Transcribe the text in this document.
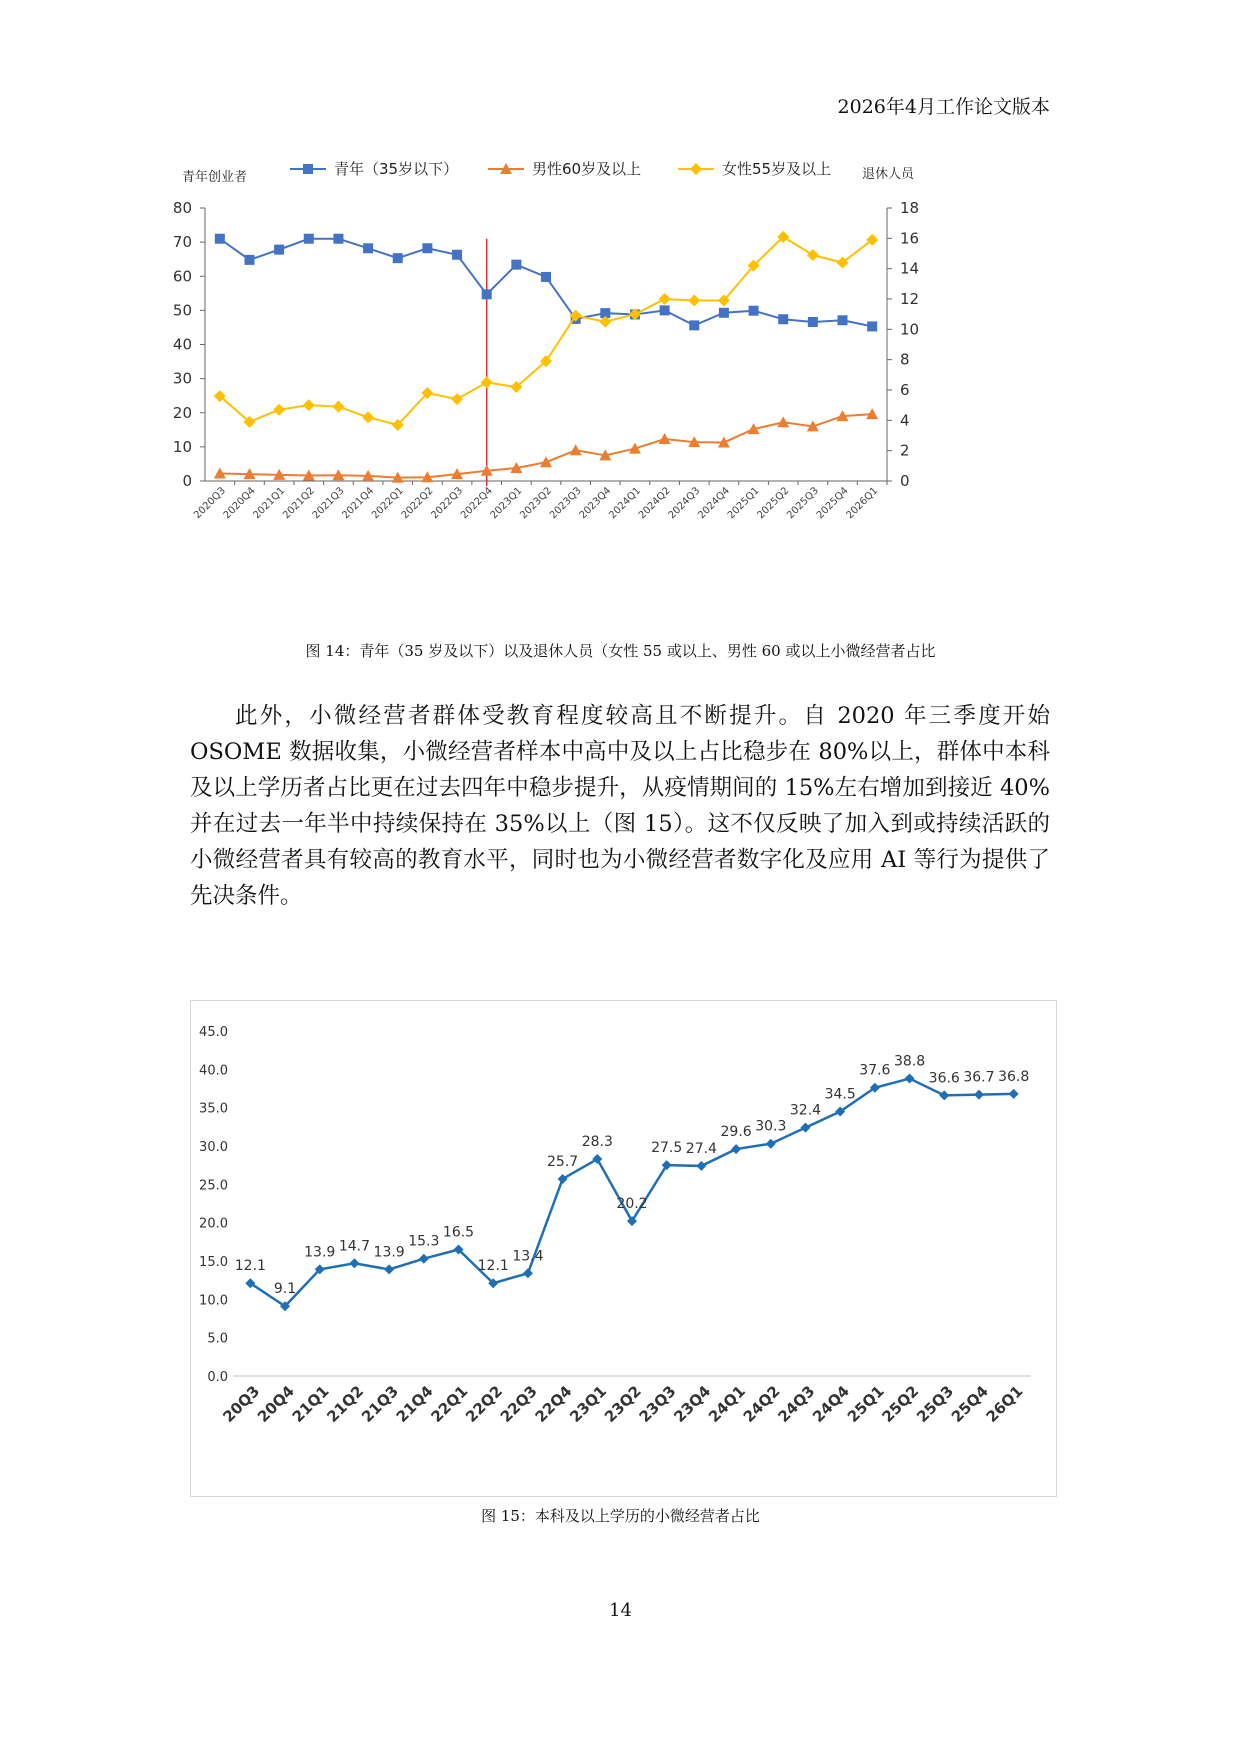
2026年4月工作论文版本
青年创业者	退休人员
0
10
20
30
40
50
60
70
80
0
2
4
6
8
10
12
14
16
18
2020Q3
2020Q4
2021Q1
2021Q2
2021Q3
2021Q4
2022Q1
2022Q2
2022Q3
2022Q4
2023Q1
2023Q2
2023Q3
2023Q4
2024Q1
2024Q2
2024Q3
2024Q4
2025Q1
2025Q2
2025Q3
2025Q4
2026Q1
青年（35岁以下）	男性60岁及以上	女性55岁及以上
图 14：青年（35 岁及以下）以及退休人员（女性 55 或以上、男性 60 或以上小微经营者占比
此外，小微经营者群体受教育程度较高且不断提升。自 2020 年三季度开始OSOME 数据收集，小微经营者样本中高中及以上占比稳步在 80%以上，群体中本科及以上学历者占比更在过去四年中稳步提升，从疫情期间的 15%左右增加到接近 40%并在过去一年半中持续保持在 35%以上（图 15）。这不仅反映了加入到或持续活跃的小微经营者具有较高的教育水平，同时也为小微经营者数字化及应用 AI 等行为提供了先决条件。
0.0
5.0
10.0
15.0
20.0
25.0
30.0
35.0
40.0
45.0
20Q3
20Q4
21Q1
21Q2
21Q3
21Q4
22Q1
22Q2
22Q3
22Q4
23Q1
23Q2
23Q3
23Q4
24Q1
24Q2
24Q3
24Q4
25Q1
25Q2
25Q3
25Q4
26Q1
12.1
9.1
13.9 14.7 13.9
15.3
16.5
12.1
13.4
25.7
28.3
20.2
27.5 27.4
29.6 30.3
32.4
34.5
37.6
38.8
36.6 36.7 36.8
图 15：本科及以上学历的小微经营者占比
14
